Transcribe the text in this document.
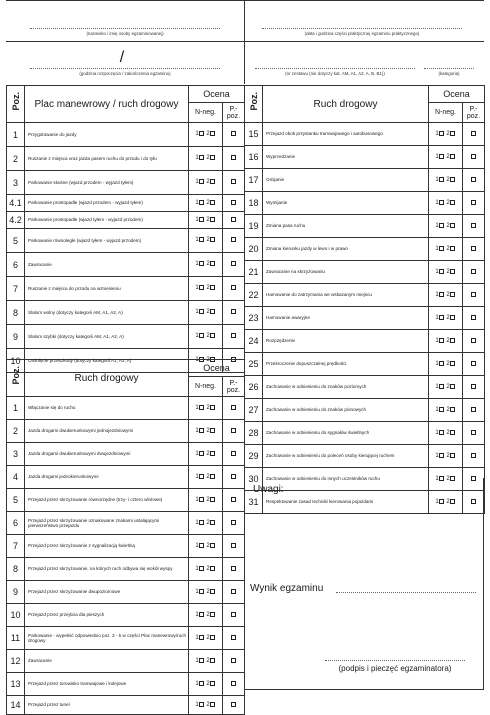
(nazwisko i imię osoby egzaminowanej)	(data i godzina części praktycznej egzaminu praktycznego)
/
(godzina rozpoczęcia / zakończenia egzaminu)	(nr zestawu (nie dotyczy kat. AM, A1, A2, A, B, B1))	(kategoria)
Poz.	Plac manewrowy / ruch drogowy	Ocena	
		N-neg.	P.-poz.
1	Przygotowanie do jazdy	1 2	
2	Ruszanie z miejsca oraz jazda pasem ruchu do przodu i do tyłu	1 2	
3	Parkowanie skośne (wjazd przodem - wyjazd tyłem)	1 2	
4.1	Parkowanie prostopadłe (wjazd przodem - wyjazd tyłem)	1 2	
4.2	Parkowanie prostopadłe (wjazd tyłem - wyjazd przodem)	1 2	
5	Parkowanie równoległe (wjazd tyłem - wyjazd przodem)	1 2	
6	Zawracanie	1 2	
7	Ruszanie z miejsca do przodu na wzniesieniu	1 2	
8	Slalom wolny (dotyczy kategorii AM, A1, A2, A)	1 2	
9	Slalom szybki (dotyczy kategorii AM, A1, A2, A)	1 2	
10	Ominięcie przeszkody (dotyczy kategorii A1, A2, A)	1 2	
Poz.	Ruch drogowy	Ocena	
		N-neg.	P.-poz.
1	Włączanie się do ruchu	1 2	
2	Jazda drogami dwukierunkowymi jednojezdniowymi	1 2	
3	Jazda drogami dwukierunkowymi dwujezdniowymi	1 2	
4	Jazda drogami jednokierunkowymi	1 2	
5	Przejazd przez skrzyżowanie równorzędne (trzy- i cztero wlotowe)	1 2	
6	Przejazd przez skrzyżowanie oznakowane znakami ustalającymi pierwszeństwo przejazdu	1 2	
7	Przejazd przez skrzyżowanie z sygnalizacją świetlną	1 2	
8	Przejazd przez skrzyżowanie, na których ruch odbywa się wokół wyspy	1 2	
9	Przejazd przez skrzyżowanie dwupoziomowe	1 2	
10	Przejazd przez przejścia dla pieszych	1 2	
11	Parkowanie - wypełnić odpowiednio poz. 3 - 5 w części Plac manewrowy/ruch drogowy	1 2	
12	Zawracanie	1 2	
13	Przejazd przez torowisko tramwajowe i kolejowe	1 2	
14	Przejazd przez tunel	1 2	
Poz.	Ruch drogowy	Ocena	
		N-neg.	P.-poz.
15	Przejazd obok przystanku tramwajowego i autobusowego	1 2	
16	Wyprzedzanie	1 2	
17	Omijanie	1 2	
18	Wymijanie	1 2	
19	Zmiana pasa ruchu	1 2	
20	Zmiana kierunku jazdy w lewo i w prawo	1 2	
21	Zawracanie na skrzyżowaniu	1 2	
22	Hamowanie do zatrzymania we wskazanym miejscu	1 2	
23	Hamowanie awaryjne	1 2	
24	Rozpzędzenie	1 2	
25	Przekroczenie dopuszczalnej prędkości	1 2	
26	Zachowanie w odniesieniu do znaków poziomych	1 2	
27	Zachowanie w odniesieniu do znaków pionowych	1 2	
28	Zachowanie w odniesieniu do sygnałów świetlnych	1 2	
29	Zachowanie w odniesieniu do poleceń osoby kierującej ruchem	1 2	
30	Zachowanie w odniesieniu do innych uczestników ruchu	1 2	
31	Respektowanie zasad techniki kierowania pojazdami	1 2	
Uwagi:
Wynik egzaminu
(podpis i pieczęć egzaminatora)
